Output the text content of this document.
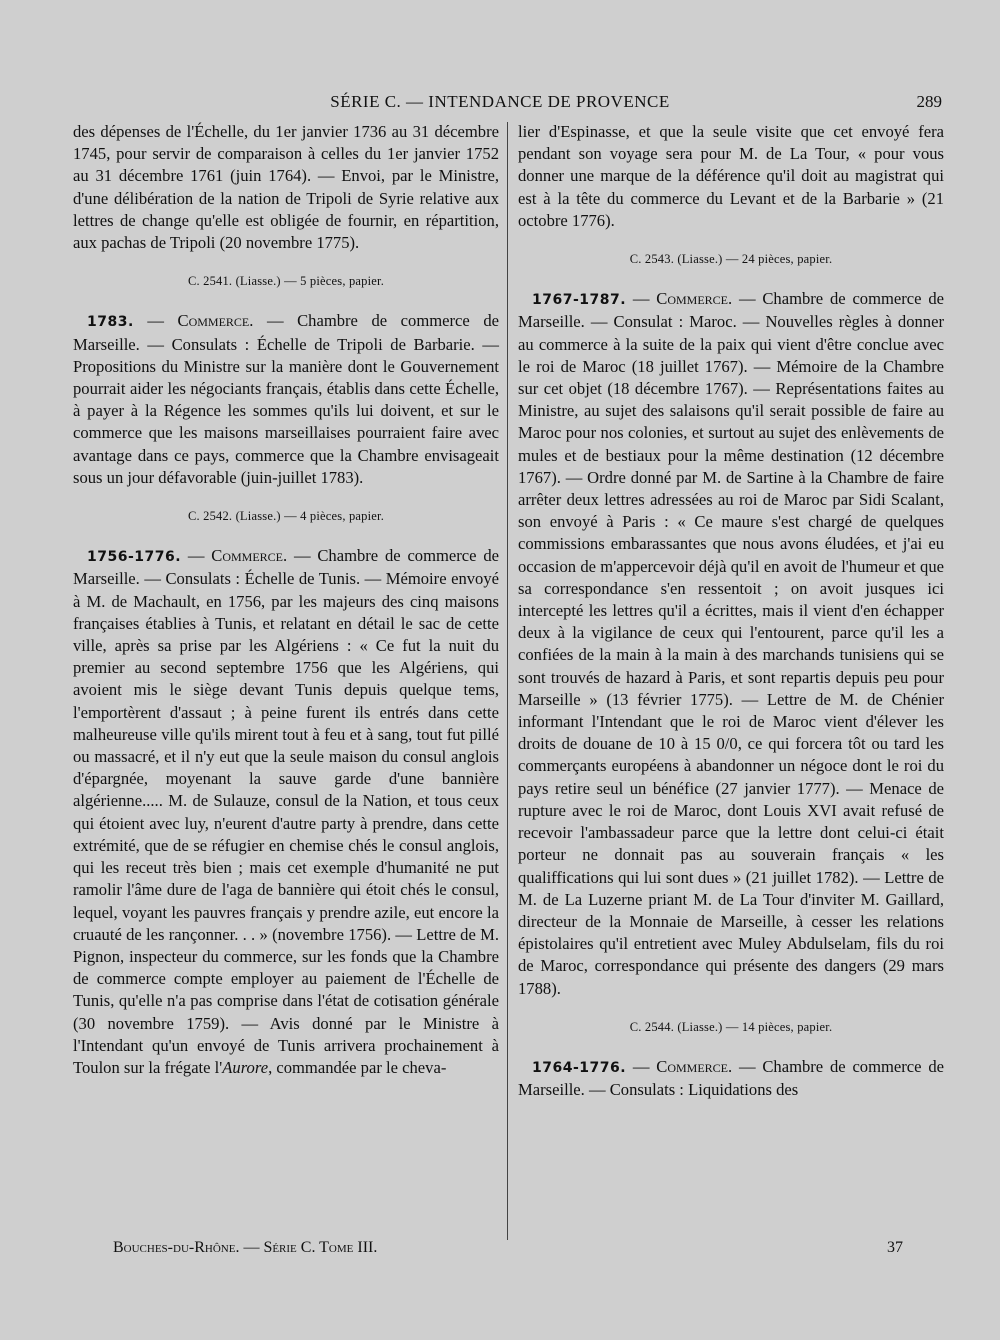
SÉRIE C. — INTENDANCE DE PROVENCE	289

des dépenses de l'Échelle, du 1er janvier 1736 au 31 décembre 1745, pour servir de comparaison à celles du 1er janvier 1752 au 31 décembre 1761 (juin 1764). — Envoi, par le Ministre, d'une délibération de la nation de Tripoli de Syrie relative aux lettres de change qu'elle est obligée de fournir, en répartition, aux pachas de Tripoli (20 novembre 1775).

C. 2541. (Liasse.) — 5 pièces, papier.

1783. — Commerce. — Chambre de commerce de Marseille. — Consulats : Échelle de Tripoli de Barbarie. — Propositions du Ministre sur la manière dont le Gouvernement pourrait aider les négociants français, établis dans cette Échelle, à payer à la Régence les sommes qu'ils lui doivent, et sur le commerce que les maisons marseillaises pourraient faire avec avantage dans ce pays, commerce que la Chambre envisageait sous un jour défavorable (juin-juillet 1783).

C. 2542. (Liasse.) — 4 pièces, papier.

1756-1776. — Commerce. — Chambre de commerce de Marseille. — Consulats : Échelle de Tunis. — Mémoire envoyé à M. de Machault, en 1756, par les majeurs des cinq maisons françaises établies à Tunis, et relatant en détail le sac de cette ville, après sa prise par les Algériens : « Ce fut la nuit du premier au second septembre 1756 que les Algériens, qui avoient mis le siège devant Tunis depuis quelque tems, l'emportèrent d'assaut ; à peine furent ils entrés dans cette malheureuse ville qu'ils mirent tout à feu et à sang, tout fut pillé ou massacré, et il n'y eut que la seule maison du consul anglois d'épargnée, moyenant la sauve garde d'une bannière algérienne..... M. de Sulauze, consul de la Nation, et tous ceux qui étoient avec luy, n'eurent d'autre party à prendre, dans cette extrémité, que de se réfugier en chemise chés le consul anglois, qui les receut très bien ; mais cet exemple d'humanité ne put ramolir l'âme dure de l'aga de bannière qui étoit chés le consul, lequel, voyant les pauvres français y prendre azile, eut encore la cruauté de les rançonner. . . » (novembre 1756). — Lettre de M. Pignon, inspecteur du commerce, sur les fonds que la Chambre de commerce compte employer au paiement de l'Échelle de Tunis, qu'elle n'a pas comprise dans l'état de cotisation générale (30 novembre 1759). — Avis donné par le Ministre à l'Intendant qu'un envoyé de Tunis arrivera prochainement à Toulon sur la frégate l'Aurore, commandée par le cheva-

lier d'Espinasse, et que la seule visite que cet envoyé fera pendant son voyage sera pour M. de La Tour, « pour vous donner une marque de la déférence qu'il doit au magistrat qui est à la tête du commerce du Levant et de la Barbarie » (21 octobre 1776).

C. 2543. (Liasse.) — 24 pièces, papier.

1767-1787. — Commerce. — Chambre de commerce de Marseille. — Consulat : Maroc. — Nouvelles règles à donner au commerce à la suite de la paix qui vient d'être conclue avec le roi de Maroc (18 juillet 1767). — Mémoire de la Chambre sur cet objet (18 décembre 1767). — Représentations faites au Ministre, au sujet des salaisons qu'il serait possible de faire au Maroc pour nos colonies, et surtout au sujet des enlèvements de mules et de bestiaux pour la même destination (12 décembre 1767). — Ordre donné par M. de Sartine à la Chambre de faire arrêter deux lettres adressées au roi de Maroc par Sidi Scalant, son envoyé à Paris : « Ce maure s'est chargé de quelques commissions embarassantes que nous avons éludées, et j'ai eu occasion de m'appercevoir déjà qu'il en avoit de l'humeur et que sa correspondance s'en ressentoit ; on avoit jusques ici intercepté les lettres qu'il a écrittes, mais il vient d'en échapper deux à la vigilance de ceux qui l'entourent, parce qu'il les a confiées de la main à la main à des marchands tunisiens qui se sont trouvés de hazard à Paris, et sont repartis depuis peu pour Marseille » (13 février 1775). — Lettre de M. de Chénier informant l'Intendant que le roi de Maroc vient d'élever les droits de douane de 10 à 15 0/0, ce qui forcera tôt ou tard les commerçants européens à abandonner un négoce dont le roi du pays retire seul un bénéfice (27 janvier 1777). — Menace de rupture avec le roi de Maroc, dont Louis XVI avait refusé de recevoir l'ambassadeur parce que la lettre dont celui-ci était porteur ne donnait pas au souverain français « les qualiffications qui lui sont dues » (21 juillet 1782). — Lettre de M. de La Luzerne priant M. de La Tour d'inviter M. Gaillard, directeur de la Monnaie de Marseille, à cesser les relations épistolaires qu'il entretient avec Muley Abdulselam, fils du roi de Maroc, correspondance qui présente des dangers (29 mars 1788).

C. 2544. (Liasse.) — 14 pièces, papier.

1764-1776. — Commerce. — Chambre de commerce de Marseille. — Consulats : Liquidations des

Bouches-du-Rhône. — Série C. Tome III.	37
